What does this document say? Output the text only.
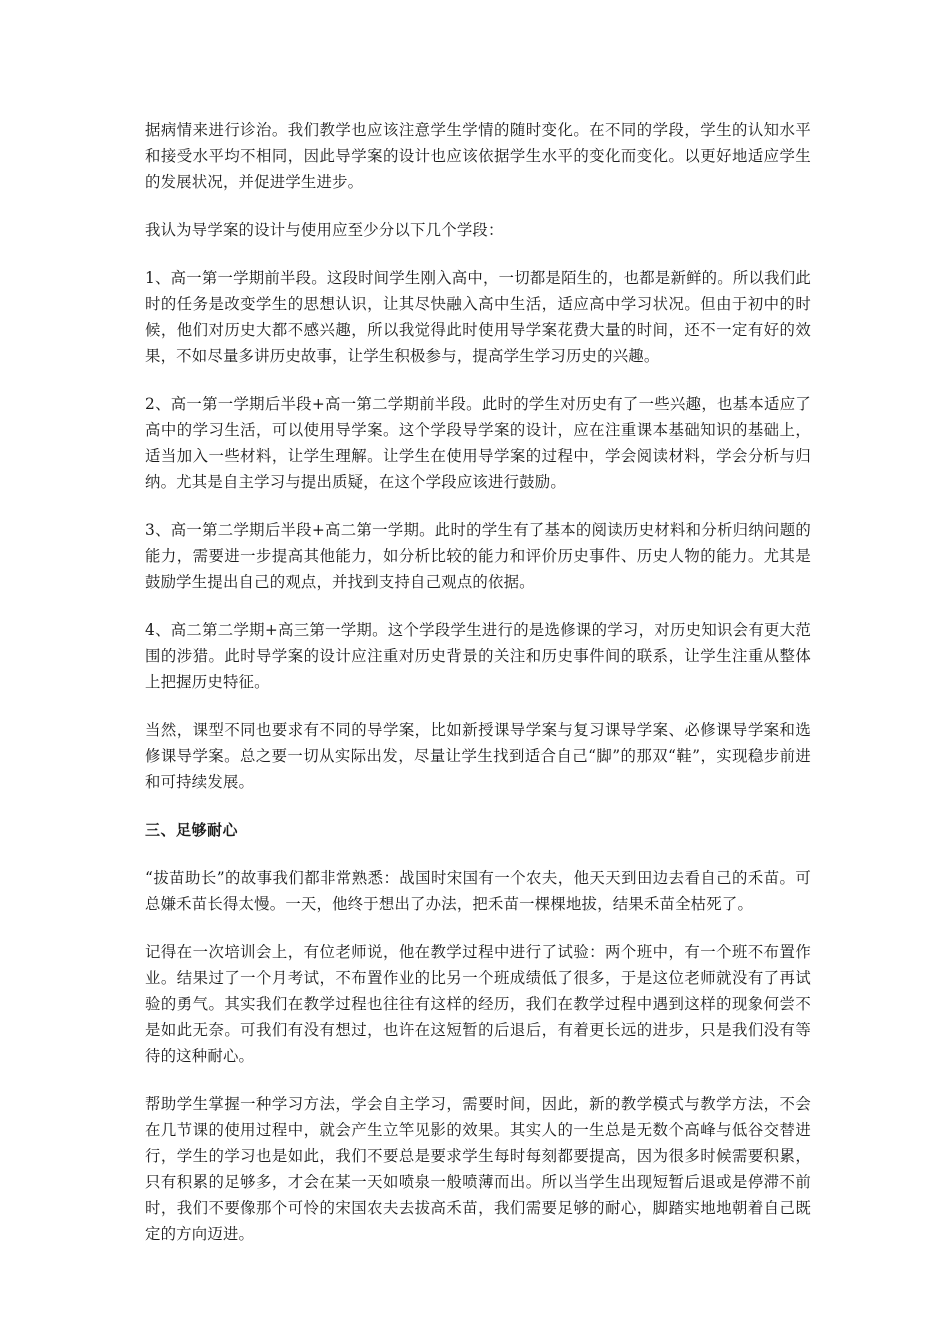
据病情来进行诊治。我们教学也应该注意学生学情的随时变化。在不同的学段，学生的认知水平和接受水平均不相同，因此导学案的设计也应该依据学生水平的变化而变化。以更好地适应学生的发展状况，并促进学生进步。

我认为导学案的设计与使用应至少分以下几个学段：

1、高一第一学期前半段。这段时间学生刚入高中，一切都是陌生的，也都是新鲜的。所以我们此时的任务是改变学生的思想认识，让其尽快融入高中生活，适应高中学习状况。但由于初中的时候，他们对历史大都不感兴趣，所以我觉得此时使用导学案花费大量的时间，还不一定有好的效果，不如尽量多讲历史故事，让学生积极参与，提高学生学习历史的兴趣。

2、高一第一学期后半段+高一第二学期前半段。此时的学生对历史有了一些兴趣，也基本适应了高中的学习生活，可以使用导学案。这个学段导学案的设计，应在注重课本基础知识的基础上，适当加入一些材料，让学生理解。让学生在使用导学案的过程中，学会阅读材料，学会分析与归纳。尤其是自主学习与提出质疑，在这个学段应该进行鼓励。

3、高一第二学期后半段+高二第一学期。此时的学生有了基本的阅读历史材料和分析归纳问题的能力，需要进一步提高其他能力，如分析比较的能力和评价历史事件、历史人物的能力。尤其是鼓励学生提出自己的观点，并找到支持自己观点的依据。

4、高二第二学期+高三第一学期。这个学段学生进行的是选修课的学习，对历史知识会有更大范围的涉猎。此时导学案的设计应注重对历史背景的关注和历史事件间的联系，让学生注重从整体上把握历史特征。

当然，课型不同也要求有不同的导学案，比如新授课导学案与复习课导学案、必修课导学案和选修课导学案。总之要一切从实际出发，尽量让学生找到适合自己“脚”的那双“鞋”，实现稳步前进和可持续发展。

三、足够耐心

“拔苗助长”的故事我们都非常熟悉：战国时宋国有一个农夫，他天天到田边去看自己的禾苗。可总嫌禾苗长得太慢。一天，他终于想出了办法，把禾苗一棵棵地拔，结果禾苗全枯死了。

记得在一次培训会上，有位老师说，他在教学过程中进行了试验：两个班中，有一个班不布置作业。结果过了一个月考试，不布置作业的比另一个班成绩低了很多，于是这位老师就没有了再试验的勇气。其实我们在教学过程也往往有这样的经历，我们在教学过程中遇到这样的现象何尝不是如此无奈。可我们有没有想过，也许在这短暂的后退后，有着更长远的进步，只是我们没有等待的这种耐心。

帮助学生掌握一种学习方法，学会自主学习，需要时间，因此，新的教学模式与教学方法，不会在几节课的使用过程中，就会产生立竿见影的效果。其实人的一生总是无数个高峰与低谷交替进行，学生的学习也是如此，我们不要总是要求学生每时每刻都要提高，因为很多时候需要积累，只有积累的足够多，才会在某一天如喷泉一般喷薄而出。所以当学生出现短暂后退或是停滞不前时，我们不要像那个可怜的宋国农夫去拔高禾苗，我们需要足够的耐心，脚踏实地地朝着自己既定的方向迈进。
